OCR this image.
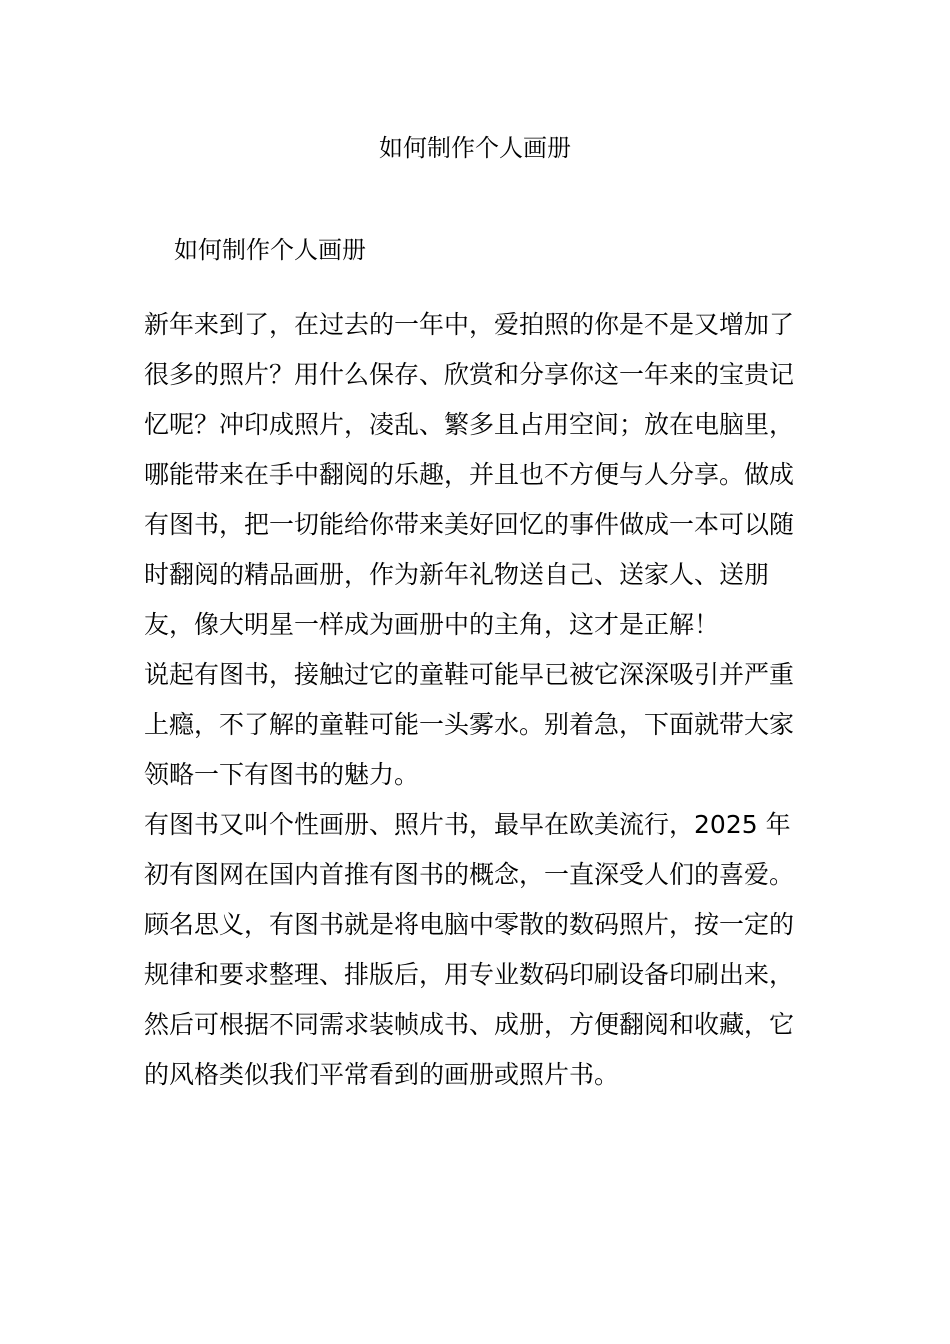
如何制作个人画册
如何制作个人画册

新年来到了，在过去的一年中，爱拍照的你是不是又增加了很多的照片？用什么保存、欣赏和分享你这一年来的宝贵记忆呢？冲印成照片，凌乱、繁多且占用空间；放在电脑里，哪能带来在手中翻阅的乐趣，并且也不方便与人分享。做成有图书，把一切能给你带来美好回忆的事件做成一本可以随时翻阅的精品画册，作为新年礼物送自己、送家人、送朋友，像大明星一样成为画册中的主角，这才是正解！

说起有图书，接触过它的童鞋可能早已被它深深吸引并严重上瘾，不了解的童鞋可能一头雾水。别着急，下面就带大家领略一下有图书的魅力。

有图书又叫个性画册、照片书，最早在欧美流行，2025 年初有图网在国内首推有图书的概念，一直深受人们的喜爱。顾名思义，有图书就是将电脑中零散的数码照片，按一定的规律和要求整理、排版后，用专业数码印刷设备印刷出来，然后可根据不同需求装帧成书、成册，方便翻阅和收藏，它的风格类似我们平常看到的画册或照片书。
